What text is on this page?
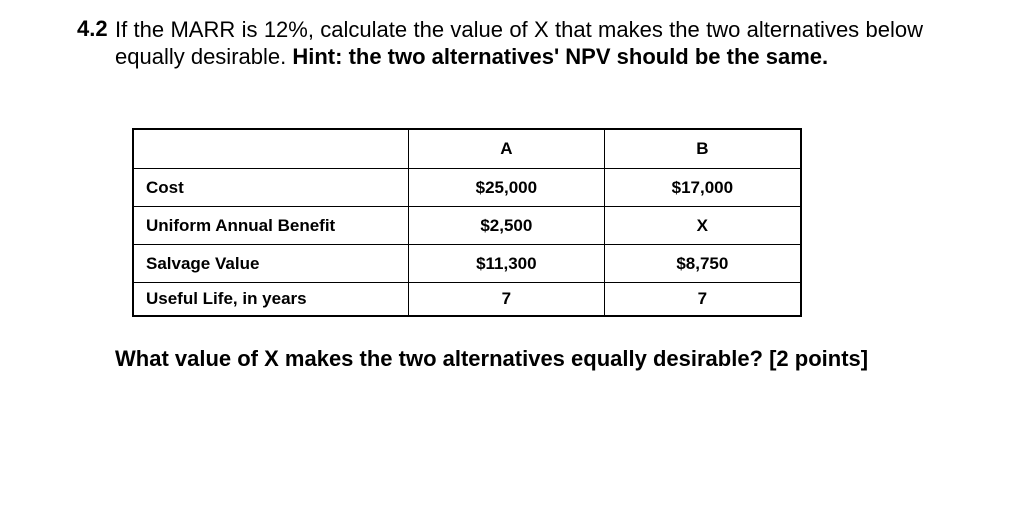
4.2 If the MARR is 12%, calculate the value of X that makes the two alternatives below equally desirable. Hint: the two alternatives' NPV should be the same.
	A	B
Cost	$25,000	$17,000
Uniform Annual Benefit	$2,500	X
Salvage Value	$11,300	$8,750
Useful Life, in years	7	7
What value of X makes the two alternatives equally desirable? [2 points]
